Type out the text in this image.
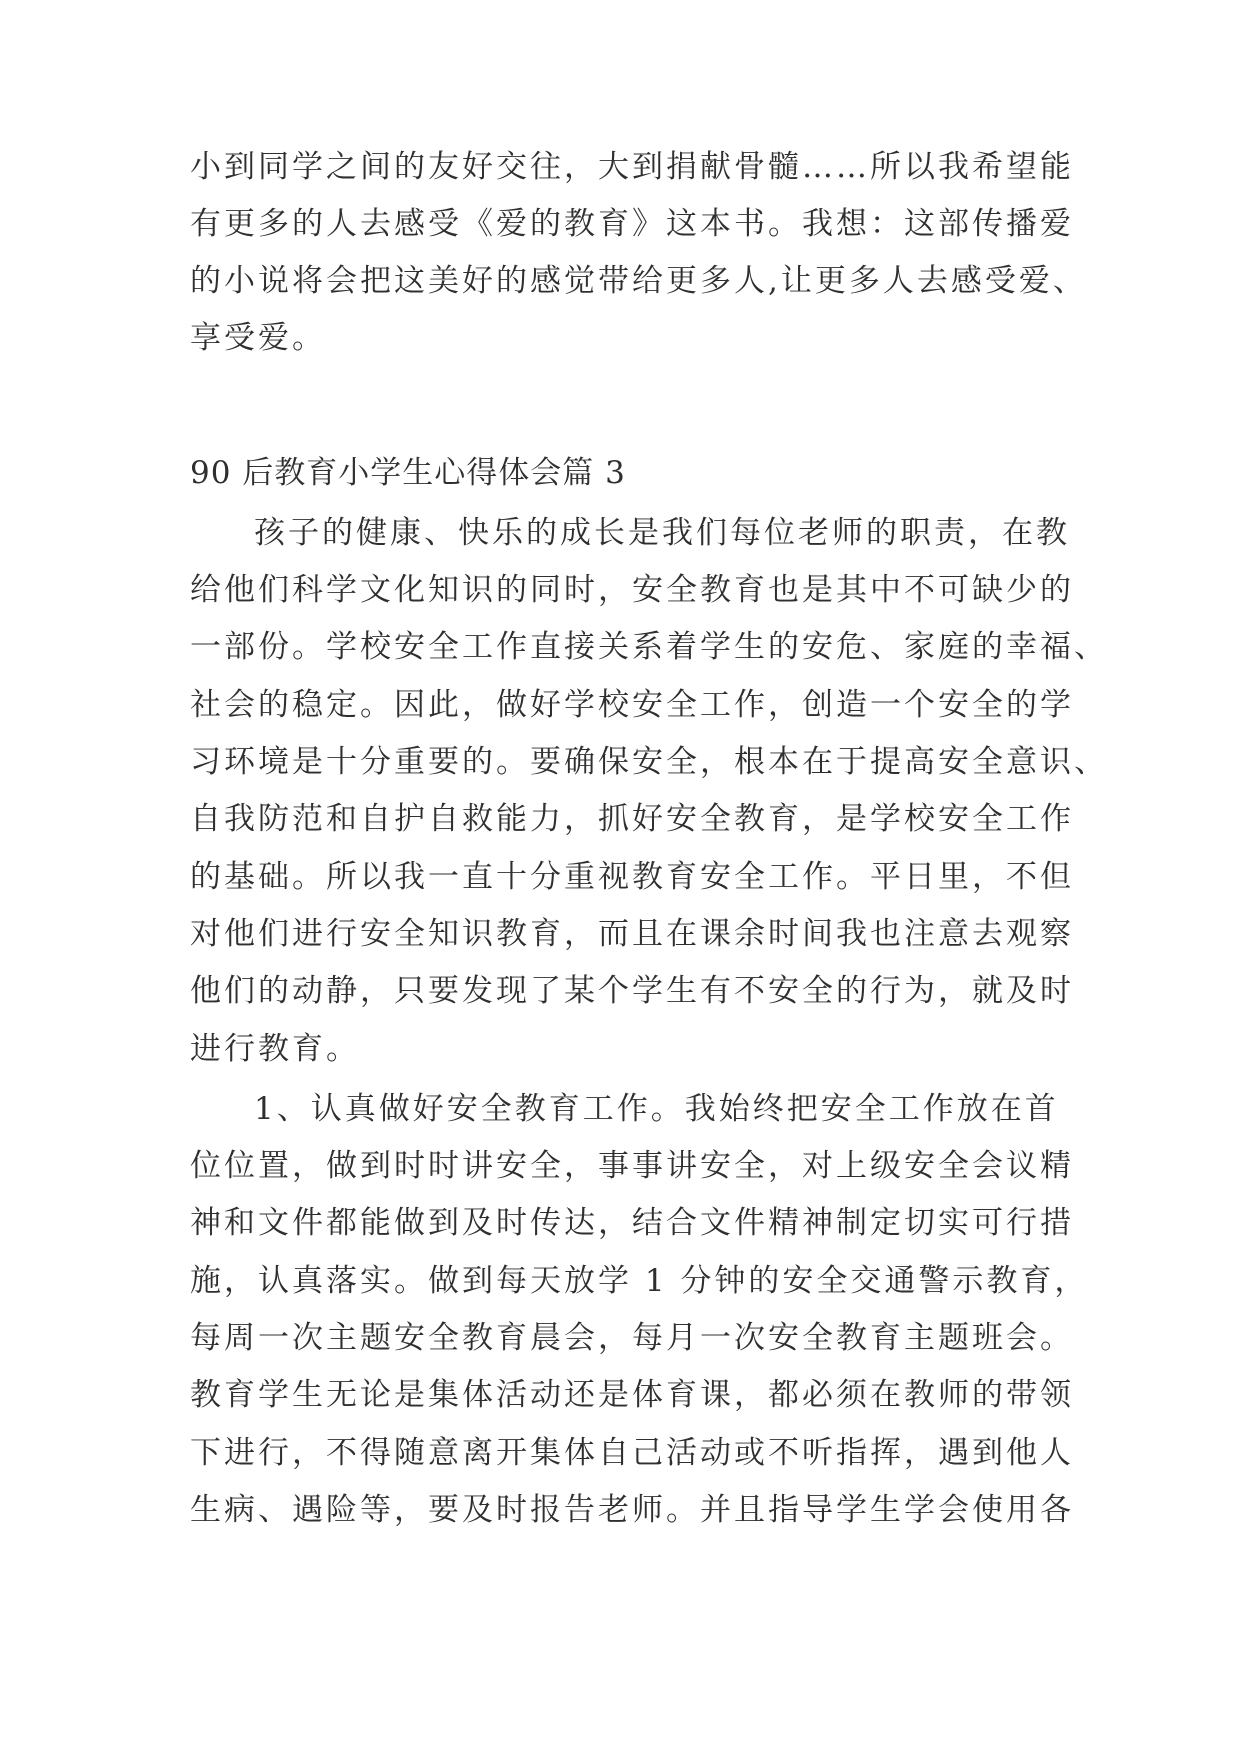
小到同学之间的友好交往，大到捐献骨髓……所以我希望能
有更多的人去感受《爱的教育》这本书。我想：这部传播爱
的小说将会把这美好的感觉带给更多人,让更多人去感受爱、
享受爱。
90 后教育小学生心得体会篇 3
孩子的健康、快乐的成长是我们每位老师的职责，在教
给他们科学文化知识的同时，安全教育也是其中不可缺少的
一部份。学校安全工作直接关系着学生的安危、家庭的幸福、
社会的稳定。因此，做好学校安全工作，创造一个安全的学
习环境是十分重要的。要确保安全，根本在于提高安全意识、
自我防范和自护自救能力，抓好安全教育，是学校安全工作
的基础。所以我一直十分重视教育安全工作。平日里，不但
对他们进行安全知识教育，而且在课余时间我也注意去观察
他们的动静，只要发现了某个学生有不安全的行为，就及时
进行教育。
1、认真做好安全教育工作。我始终把安全工作放在首
位位置，做到时时讲安全，事事讲安全，对上级安全会议精
神和文件都能做到及时传达，结合文件精神制定切实可行措
施，认真落实。做到每天放学 1 分钟的安全交通警示教育，
每周一次主题安全教育晨会，每月一次安全教育主题班会。
教育学生无论是集体活动还是体育课，都必须在教师的带领
下进行，不得随意离开集体自己活动或不听指挥，遇到他人
生病、遇险等，要及时报告老师。并且指导学生学会使用各
